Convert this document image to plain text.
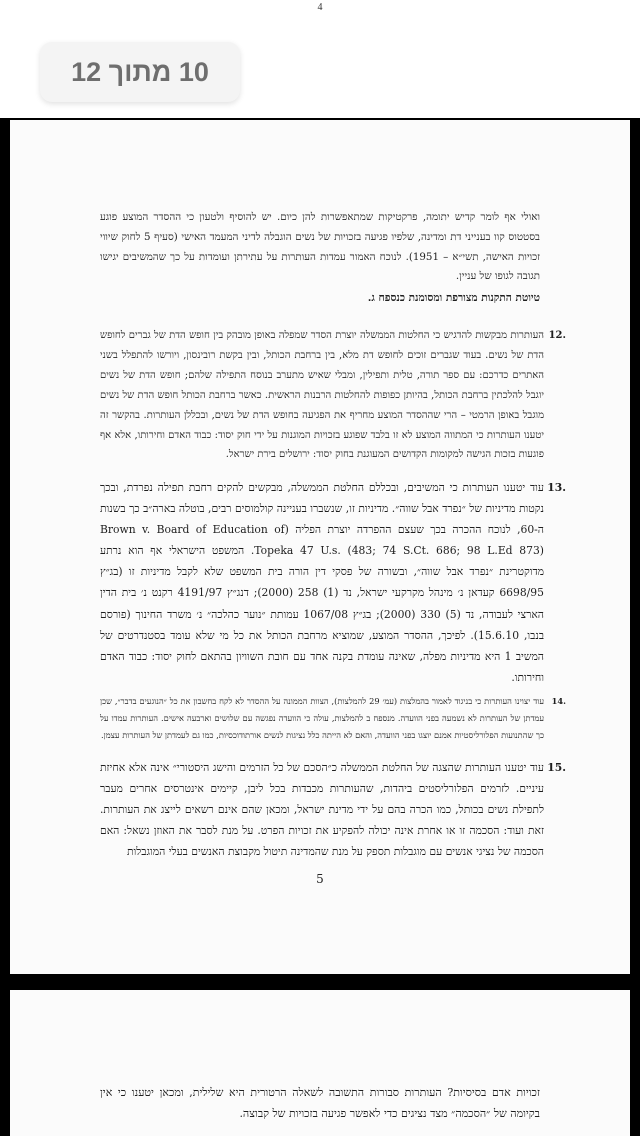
4
10 מתוך 12
ואולי אף לומר קדיש יתומה, פרקטיקות שמתאפשרות להן כיום. יש להוסיף ולטעון כי ההסדר המוצע פוגע בסטטוס קוו בענייני דת ומדינה, שלפיו פגיעה בזכויות של נשים הוגבלה לדיני המעמד האישי (סעיף 5 לחוק שיווי זכויות האישה, תשי״א – 1951). לנוכח האמור עמדות העותרות על עתירתן ועומדות על כך שהמשיבים יגישו תגובה לגופו של עניין.
טיוטת התקנות מצורפת ומסומנת כנספח ג.
12.
העותרות מבקשות להדגיש כי החלטות הממשלה יוצרת הסדר שמפלה באופן מובהק בין חופש הדת של גברים לחופש הדת של נשים. בעוד שגברים זוכים לחופש דת מלא, בין ברחבת הכותל, ובין בקשת רובינסון, ויורשו להתפלל בשני האתרים כדרכם: עם ספר תורה, טלית ותפילין, ומבלי שאיש מתערב בנוסח התפילה שלהם; חופש הדת של נשים יוגבל להלכתין ברחבת הכותל, בהיותן כפופות להחלטות הרבנות הראשית. כאשר ברחבת הכותל חופש הדת של נשים מוגבל באופן הרמטי – הרי שההסדר המוצע מחריף את הפגיעה בחופש הדת של נשים, ובכללן העותרות. בהקשר זה יטענו העותרות כי המתווה המוצע לא זו בלבד שפוגע בזכויות המוגנות על ידי חוק יסוד: כבוד האדם וחירותו, אלא אף פוגעות בזכות הגישה למקומות הקדושים המעוגנת בחוק יסוד: ירושלים בירת ישראל.
13.
עוד יטענו העותרות כי המשיבים, ובכללם החלטת הממשלה, מבקשים להקים רחבת תפילה נפרדת, ובכך נקטות מדיניות של ״נפרד אבל שווה״. מדיניות זו, שנשברו בעניינה קולמוסים רבים, בוטלה בארה״ב כך בשנות ה-60, לנוכח ההכרה בכך שעצם ההפרדה יוצרת הפליה (Brown v. Board of Education of Topeka 47 U.s. (483; 74 S.Ct. 686; 98 L.Ed 873). המשפט הישראלי אף הוא נרתע מדוקטרינת ״נפרד אבל שווה״, ובשורה של פסקי דין הורה בית המשפט שלא לקבל מדיניות זו (בג״ץ 6698/95 קעדאן נ׳ מינהל מקרקעי ישראל, נד (1) 258 (2000); דנג״ץ 4191/97 רקנט נ׳ בית הדין הארצי לעבודה, נד (5) 330 (2000); בג״ץ 1067/08 עמותת ״נוער כהלכה״ נ׳ משרד החינוך (פורסם בנבו, 15.6.10). לפיכך, ההסדר המוצע, שמוציא מרחבת הכותל את כל מי שלא עומד בסטנדרטים של המשיב 1 היא מדיניות מפלה, שאינה עומדת בקנה אחד עם חובת השוויון בהתאם לחוק יסוד: כבוד האדם וחירותו.
14.
עוד יצוינו העותרות כי בניגוד לאמור בהמלצות (עמ׳ 29 להמלצות), הצוות הממונה על ההסדר לא לקח בחשבון את כל ״הנוגעים בדבר״, שכן עמדתן של העותרות לא נשמעה בפני הוועדה. מנספח ב להמלצות, עולה כי הוועדה נפגשה עם שלושים וארבעה אישים. העותרות עמדו על כך שהתנועות הפלורליסטיות אמנם יוצגו בפני הוועדה, והאם לא הייתה כלל נציגות לנשים אורתודוכסיות, כמו גם לעמדתן של העותרות עצמן.
15.
עוד יטענו העותרות שהצגה של החלטת הממשלה כ״הסכם של כל הזרמים והישג היסטורי״ אינה אלא אחיזת עיניים. לזרמים הפלורליסטים ביהדות, שהעותרות מכבדות בכל ליבן, קיימים אינטרסים אחרים מעבר לתפילת נשים בכותל, כמו הכרה בהם על ידי מדינת ישראל, ומכאן שהם אינם רשאים לייצג את העותרות. זאת ועוד: הסכמה זו או אחרת אינה יכולה להפקיע את זכויות הפרט. על מנת לסבר את האוזן נשאל: האם הסכמה של נציגי אנשים עם מוגבלות תספק על מנת שהמדינה תיטול מקבוצת האנשים בעלי המוגבלות
5
זכויות אדם בסיסיות? העותרות סבורות התשובה לשאלה הרטורית היא שלילית, ומכאן יטענו כי אין בקיומה של ״הסכמה״ מצד נציגים כדי לאפשר פגיעה בזכויות של קבוצה.
